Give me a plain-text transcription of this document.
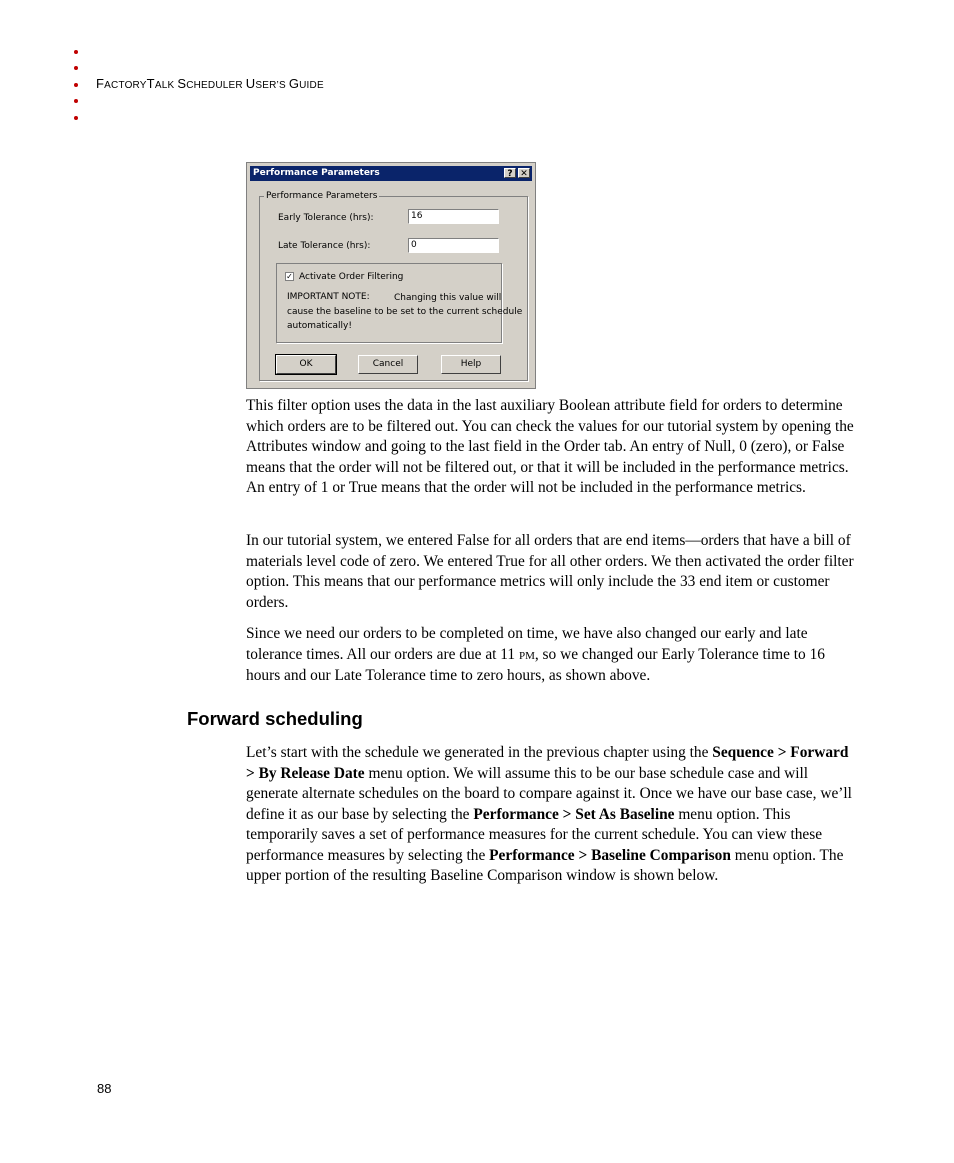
FACTORYTALK SCHEDULER USER’S GUIDE
Performance Parameters	? ✕
Performance Parameters
Early Tolerance (hrs):	16
Late Tolerance (hrs):	0
✓ Activate Order Filtering
IMPORTANT NOTE:	Changing this value will
cause the baseline to be set to the current schedule
automatically!
OK	Cancel	Help

This filter option uses the data in the last auxiliary Boolean attribute field for orders to determine which orders are to be filtered out. You can check the values for our tutorial system by opening the Attributes window and going to the last field in the Order tab. An entry of Null, 0 (zero), or False means that the order will not be filtered out, or that it will be included in the performance metrics. An entry of 1 or True means that the order will not be included in the performance metrics.

In our tutorial system, we entered False for all orders that are end items—orders that have a bill of materials level code of zero. We entered True for all other orders. We then activated the order filter option. This means that our performance metrics will only include the 33 end item or customer orders.

Since we need our orders to be completed on time, we have also changed our early and late tolerance times. All our orders are due at 11 PM, so we changed our Early Tolerance time to 16 hours and our Late Tolerance time to zero hours, as shown above.

Forward scheduling

Let’s start with the schedule we generated in the previous chapter using the Sequence > Forward > By Release Date menu option. We will assume this to be our base schedule case and will generate alternate schedules on the board to compare against it. Once we have our base case, we’ll define it as our base by selecting the Performance > Set As Baseline menu option. This temporarily saves a set of performance measures for the current schedule. You can view these performance measures by selecting the Performance > Baseline Comparison menu option. The upper portion of the resulting Baseline Comparison window is shown below.

88
